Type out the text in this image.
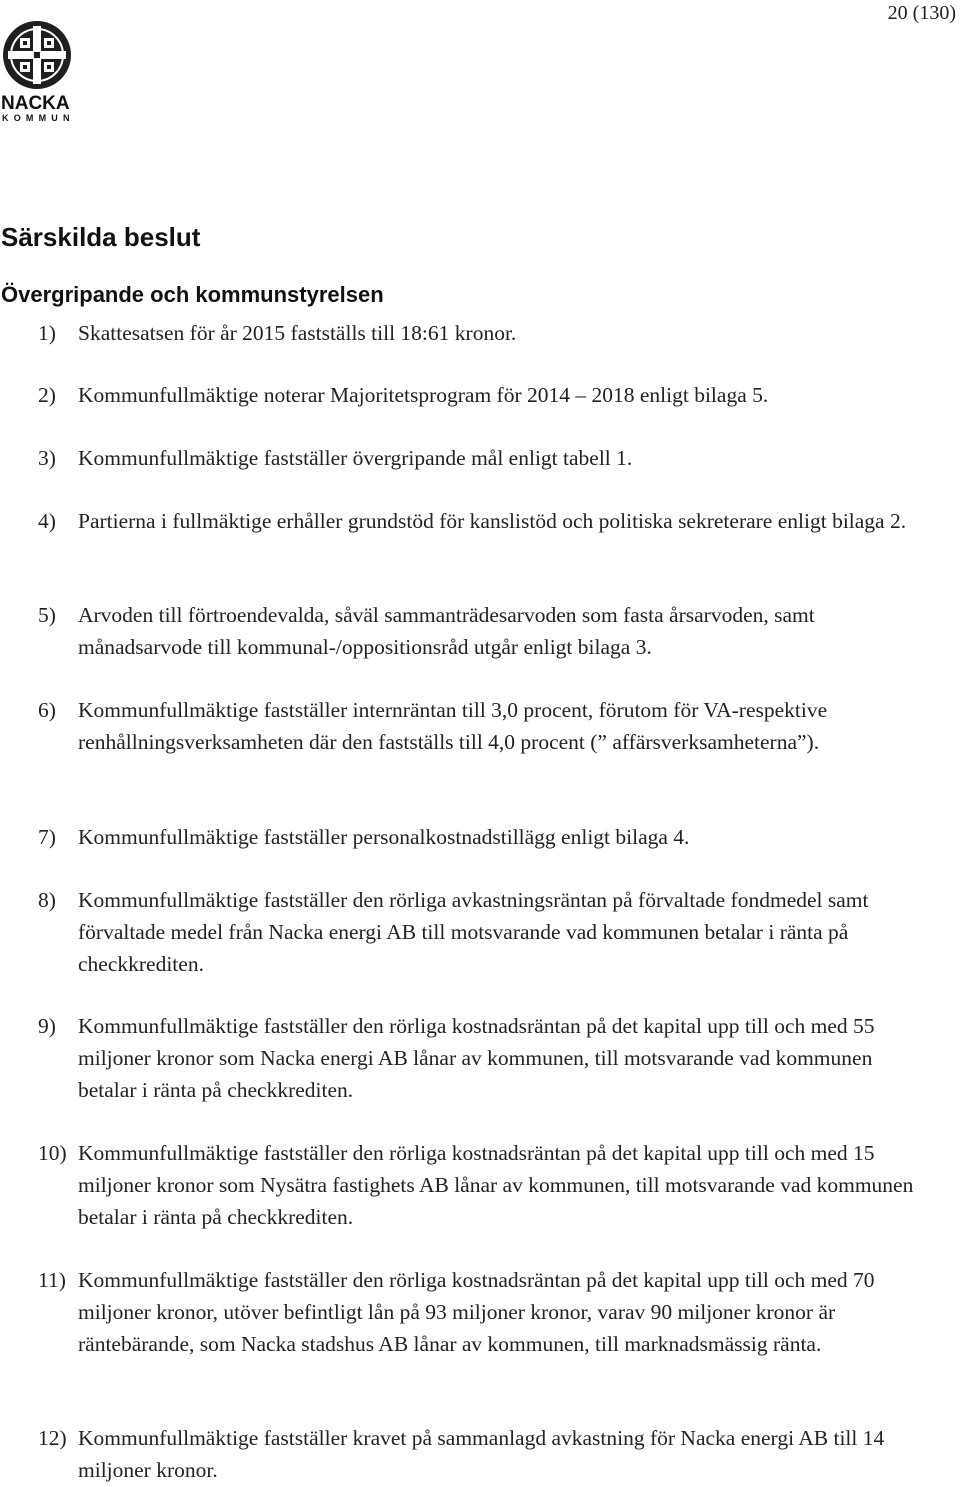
20 (130)
NACKA
KOMMUN
Särskilda beslut
Övergripande och kommunstyrelsen
1) Skattesatsen för år 2015 fastställs till 18:61 kronor.
2) Kommunfullmäktige noterar Majoritetsprogram för 2014 – 2018 enligt bilaga 5.
3) Kommunfullmäktige fastställer övergripande mål enligt tabell 1.
4) Partierna i fullmäktige erhåller grundstöd för kanslistöd och politiska sekreterare enligt bilaga 2.
5) Arvoden till förtroendevalda, såväl sammanträdesarvoden som fasta årsarvoden, samt månadsarvode till kommunal-/oppositionsråd utgår enligt bilaga 3.
6) Kommunfullmäktige fastställer internräntan till 3,0 procent, förutom för VA-respektive renhållningsverksamheten där den fastställs till 4,0 procent (” affärsverksamheterna”).
7) Kommunfullmäktige fastställer personalkostnadstillägg enligt bilaga 4.
8) Kommunfullmäktige fastställer den rörliga avkastningsräntan på förvaltade fondmedel samt förvaltade medel från Nacka energi AB till motsvarande vad kommunen betalar i ränta på checkkrediten.
9) Kommunfullmäktige fastställer den rörliga kostnadsräntan på det kapital upp till och med 55 miljoner kronor som Nacka energi AB lånar av kommunen, till motsvarande vad kommunen betalar i ränta på checkkrediten.
10) Kommunfullmäktige fastställer den rörliga kostnadsräntan på det kapital upp till och med 15 miljoner kronor som Nysätra fastighets AB lånar av kommunen, till motsvarande vad kommunen betalar i ränta på checkkrediten.
11) Kommunfullmäktige fastställer den rörliga kostnadsräntan på det kapital upp till och med 70 miljoner kronor, utöver befintligt lån på 93 miljoner kronor, varav 90 miljoner kronor är räntebärande, som Nacka stadshus AB lånar av kommunen, till marknadsmässig ränta.
12) Kommunfullmäktige fastställer kravet på sammanlagd avkastning för Nacka energi AB till 14 miljoner kronor.
